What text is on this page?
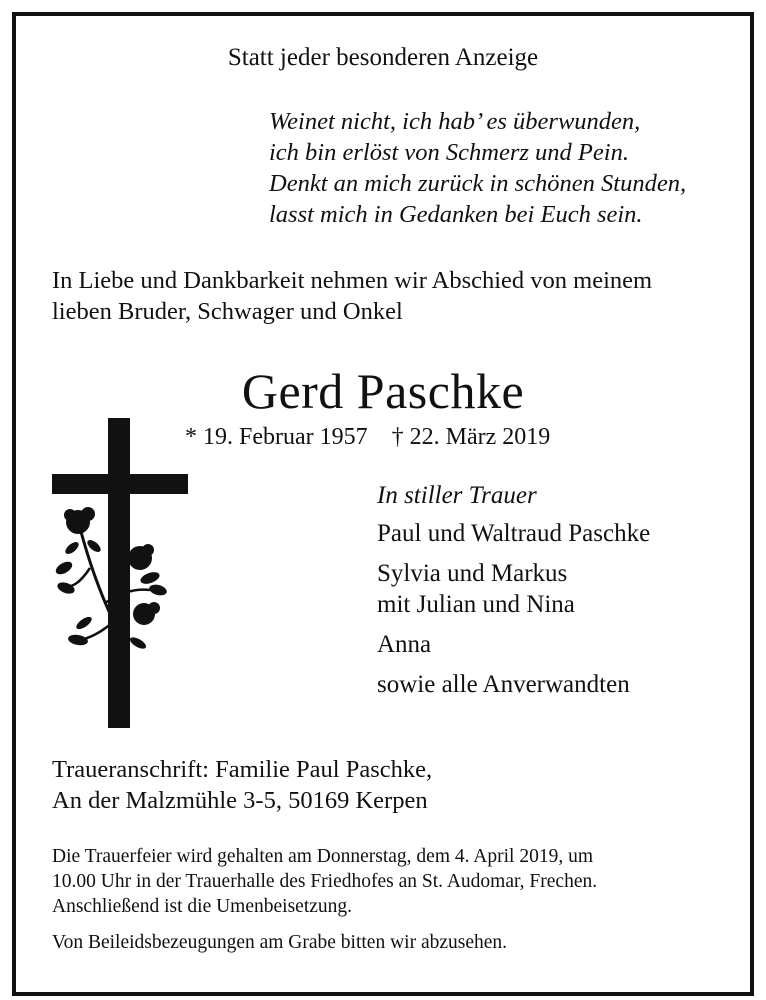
Statt jeder besonderen Anzeige
Weinet nicht, ich hab’ es überwunden,
ich bin erlöst von Schmerz und Pein.
Denkt an mich zurück in schönen Stunden,
lasst mich in Gedanken bei Euch sein.
In Liebe und Dankbarkeit nehmen wir Abschied von meinem
lieben Bruder, Schwager und Onkel
Gerd Paschke
* 19. Februar 1957 † 22. März 2019
In stiller Trauer
Paul und Waltraud Paschke
Sylvia und Markus
mit Julian und Nina
Anna
sowie alle Anverwandten
Traueranschrift: Familie Paul Paschke,
An der Malzmühle 3-5, 50169 Kerpen
Die Trauerfeier wird gehalten am Donnerstag, dem 4. April 2019, um
10.00 Uhr in der Trauerhalle des Friedhofes an St. Audomar, Frechen.
Anschließend ist die Umenbeisetzung.
Von Beileidsbezeugungen am Grabe bitten wir abzusehen.
